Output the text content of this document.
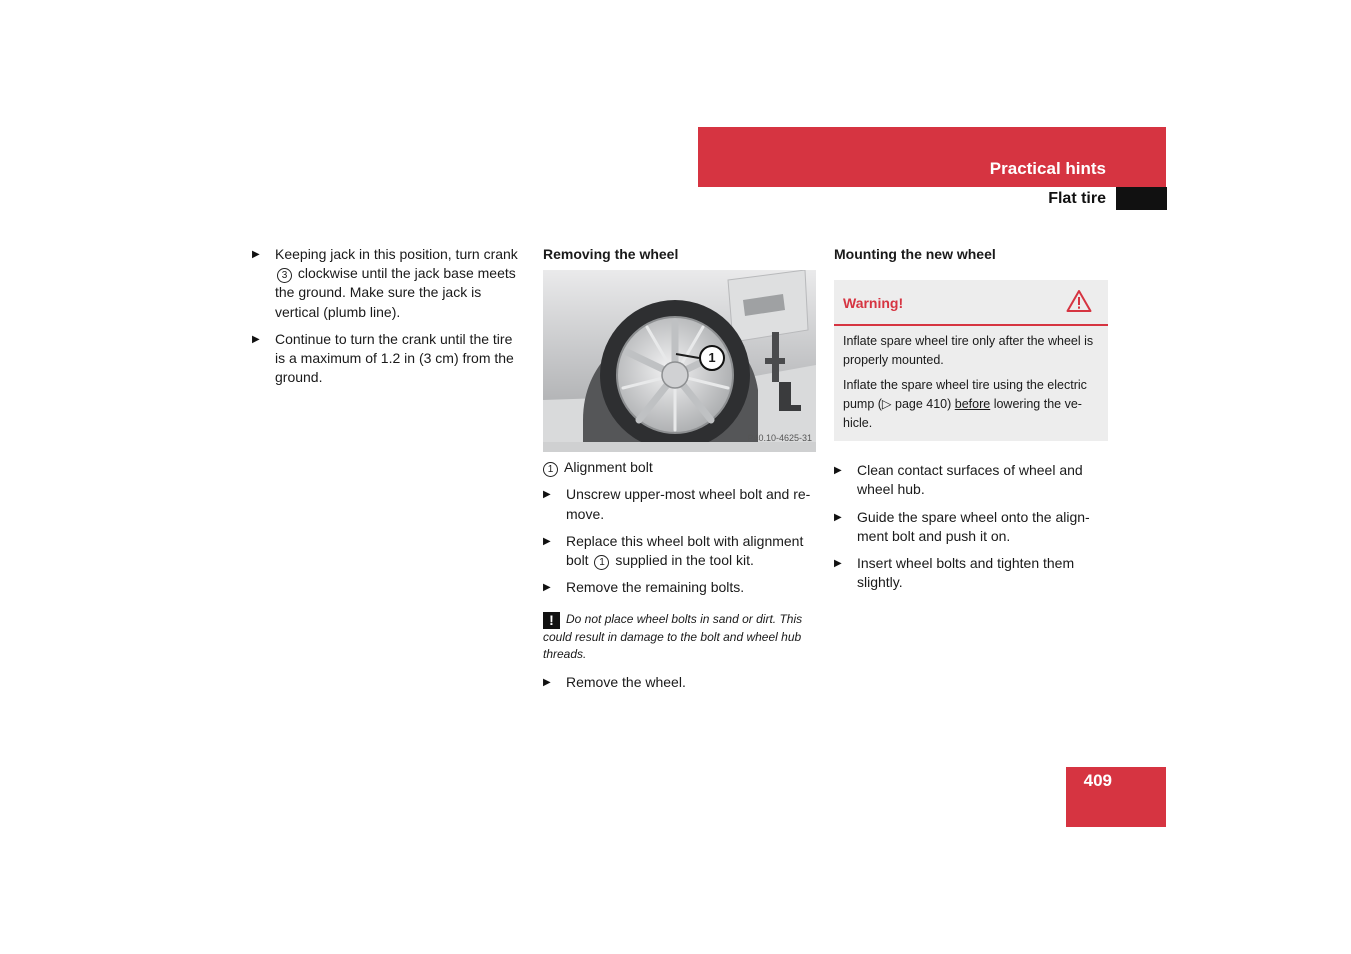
Practical hints
Flat tire
▶ Keeping jack in this position, turn crank 3 clockwise until the jack base meets the ground. Make sure the jack is vertical (plumb line).
▶ Continue to turn the crank until the tire is a maximum of 1.2 in (3 cm) from the ground.
Removing the wheel
1
P40.10-4625-31
1 Alignment bolt
▶ Unscrew upper-most wheel bolt and re-move.
▶ Replace this wheel bolt with alignment bolt 1 supplied in the tool kit.
▶ Remove the remaining bolts.
! Do not place wheel bolts in sand or dirt. This could result in damage to the bolt and wheel hub threads.
▶ Remove the wheel.
Mounting the new wheel
Warning!

Inflate spare wheel tire only after the wheel is properly mounted.

Inflate the spare wheel tire using the electric pump (▷ page 410) before lowering the ve-hicle.

▶ Clean contact surfaces of wheel and wheel hub.
▶ Guide the spare wheel onto the align-ment bolt and push it on.
▶ Insert wheel bolts and tighten them slightly.
409
